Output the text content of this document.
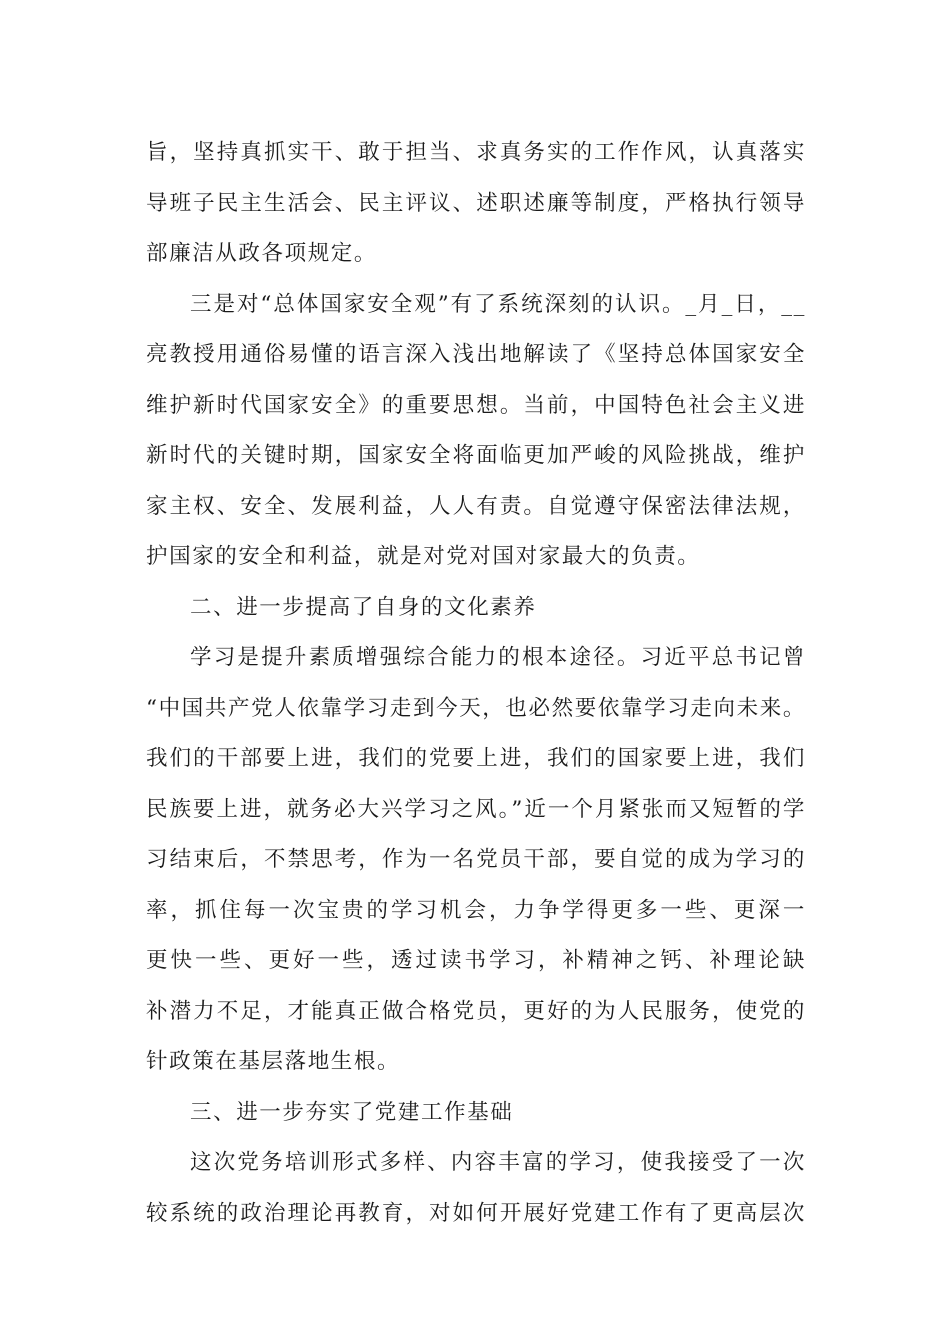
旨，坚持真抓实干、敢于担当、求真务实的工作作风，认真落实
导班子民主生活会、民主评议、述职述廉等制度，严格执行领导
部廉洁从政各项规定。
三是对“总体国家安全观”有了系统深刻的认识。_月_日，__
亮教授用通俗易懂的语言深入浅出地解读了《坚持总体国家安全
维护新时代国家安全》的重要思想。当前，中国特色社会主义进
新时代的关键时期，国家安全将面临更加严峻的风险挑战，维护
家主权、安全、发展利益，人人有责。自觉遵守保密法律法规，
护国家的安全和利益，就是对党对国对家最大的负责。
二、进一步提高了自身的文化素养
学习是提升素质增强综合能力的根本途径。习近平总书记曾
“中国共产党人依靠学习走到今天，也必然要依靠学习走向未来。
我们的干部要上进，我们的党要上进，我们的国家要上进，我们
民族要上进，就务必大兴学习之风。”近一个月紧张而又短暂的学
习结束后，不禁思考，作为一名党员干部，要自觉的成为学习的
率，抓住每一次宝贵的学习机会，力争学得更多一些、更深一
更快一些、更好一些，透过读书学习，补精神之钙、补理论缺
补潜力不足，才能真正做合格党员，更好的为人民服务，使党的
针政策在基层落地生根。
三、进一步夯实了党建工作基础
这次党务培训形式多样、内容丰富的学习，使我接受了一次
较系统的政治理论再教育，对如何开展好党建工作有了更高层次
